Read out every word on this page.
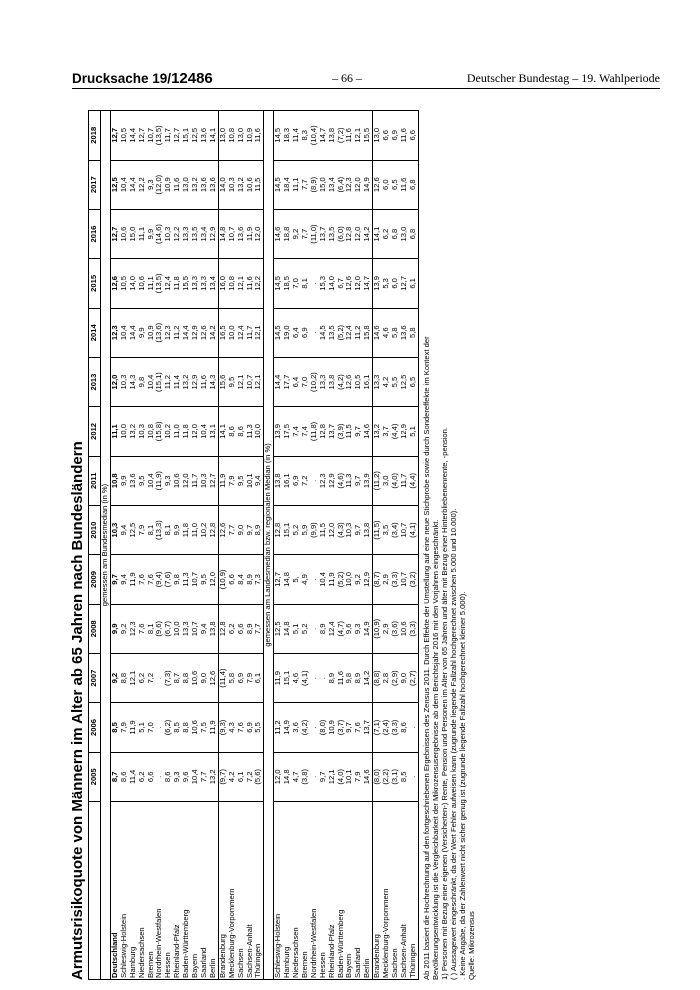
Drucksache 19/12486	– 66 –	Deutscher Bundestag – 19. Wahlperiode
Armutsrisikoquote von Männern im Alter ab 65 Jahren nach Bundesländern
	2005	2006	2007	2008	2009	2010	2011	2012	2013	2014	2015	2016	2017	2018
gemessen am Bundesmedian (in %)														
Deutschland	8,7	8,5	9,2	9,9	9,7	10,3	10,8	11,1	12,0	12,3	12,6	12,7	12,5	12,7
Schleswig-Holstein	8,6	7,9	8,8	9,2	9,4	9,4	9,9	10,0	10,3	10,4	10,5	10,6	10,4	10,5
Hamburg	11,4	11,9	12,1	12,3	11,9	12,5	13,6	13,2	14,3	14,4	14,0	15,0	14,4	14,4
Niedersachsen	6,2	5,1	6,2	7,6	7,6	7,9	9,5	10,3	9,8	9,9	10,6	11,1	12,2	12,7
Bremen	6,6	7,0	7,2	8,1	7,6	8,1	10,4	10,8	10,4	10,9	11,1	9,9	9,3	10,7
Nordrhein-Westfalen	.	.	.	(9,6)	(9,4)	(13,3)	(11,9)	(15,8)	(15,1)	(13,6)	(13,5)	(14,6)	(12,0)	(13,5)
Hessen	8,6	(6,2)	(7,3)	(6,7)	(7,6)	8,1	9,3	10,2	11,2	12,3	12,4	10,3	10,9	11,7
Rheinland-Pfalz	9,3	8,5	8,7	10,0	9,8	9,9	10,6	11,0	11,4	11,2	11,8	12,2	11,6	12,7
Baden-Württemberg	9,6	8,8	8,8	13,3	11,3	11,8	12,0	11,8	13,2	14,4	15,5	13,3	13,0	15,1
Bayern	10,4	10,6	10,6	10,7	10,7	11,0	11,7	12,0	12,9	12,9	13,3	13,5	13,2	12,5
Saarland	7,7	7,5	9,0	9,4	9,5	10,2	10,3	10,4	11,6	12,6	13,3	13,4	13,6	13,6
Berlin	13,2	11,9	12,6	13,8	12,0	12,8	12,7	13,1	14,3	14,2	13,4	12,9	13,6	14,1
Brandenburg	(9,7)	(9,3)	(11,4)	12,8	(10,9)	12,6	11,9	14,1	15,6	16,5	16,0	14,8	14,0	13,0
Mecklenburg-Vorpommern	4,2	4,3	5,8	6,2	6,6	7,7	7,9	8,6	9,5	10,0	10,8	10,7	10,3	10,8
Sachsen	6,1	7,6	6,9	6,6	8,4	9,0	9,5	8,6	12,1	12,4	12,1	13,6	13,2	13,0
Sachsen-Anhalt	7,2	6,9	7,9	8,9	8,9	9,7	10,1	11,3	10,7	11,7	11,6	11,9	10,6	10,9
Thüringen	(5,6)	5,5	6,1	7,7	7,3	8,9	9,4	10,0	12,1	12,1	12,2	12,0	11,5	11,6
gemessen am Landesmedian bzw. regionalen Median (in %)														
Schleswig-Holstein	12,0	11,2	11,9	12,5	12,7	12,8	13,8	13,9	14,4	14,5	14,5	14,6	14,5	14,5
Hamburg	14,8	14,9	15,1	14,8	14,8	15,1	16,1	17,5	17,7	19,0	18,5	18,8	18,4	18,3
Niedersachsen	4,7	3,6	4,6	5,1	5,	5,2	6,9	7,4	6,4	6,4	7,0	9,2	11,1	11,4
Bremen	(3,8)	(4,2)	(4,1)	5,2	4,9	5,9	7,2	7,4	7,0	6,9	8,1	7,7	7,7	8,3
Nordrhein-Westfalen	.	.	.	.	.	(9,9)	.	(11,8)	(10,2)	.	.	(11,0)	(8,9)	(10,4)
Hessen	9,7	(8,0)	.	8,9	10,4	11,5	12,3	12,8	13,3	14,5	15,3	13,7	15,0	14,7
Rheinland-Pfalz	12,1	10,9	8,9	12,4	11,9	12,0	12,9	13,7	13,8	13,5	14,0	13,5	13,4	13,8
Baden-Württemberg	(4,0)	(3,7)	11,6	(4,7)	(5,2)	(4,3)	(4,6)	(3,9)	(4,2)	(5,2)	6,7	(6,0)	(6,4)	(7,2)
Bayern	10,1	9,7	9,8	9,6	10,0	10,3	11,3	11,5	12,6	12,4	12,6	12,8	12,3	11,6
Saarland	7,9	7,6	8,9	9,3	9,2	9,7	9,7	9,7	10,5	11,2	12,0	12,0	12,0	12,1
Berlin	14,6	13,7	14,2	14,9	12,9	13,8	13,9	14,6	16,1	15,8	14,7	14,2	14,9	15,5
Brandenburg	(8,0)	(7,1)	(8,8)	(10,9)	(8,7)	(11,5)	(11,2)	13,2	13,3	14,6	13,9	14,1	12,6	13,0
Mecklenburg-Vorpommern	(2,2)	(2,4)	2,8	2,9	2,9	3,5	3,0	3,7	4,2	4,6	5,3	6,2	6,0	6,6
Sachsen	(3,1)	(3,3)	(2,9)	(3,6)	(3,3)	(3,4)	(4,0)	(4,4)	5,5	5,8	6,0	6,8	6,5	6,9
Sachsen-Anhalt	8,5	8,6	9,0	10,6	10,7	10,7	11,7	12,9	12,5	13,6	12,7	13,0	11,6	11,6
Thüringen	.	.	(2,7)	(3,3)	(3,2)	(4,1)	(4,4)	5,1	6,5	5,8	6,1	6,8	6,8	6,6
Ab 2011 basiert die Hochrechnung auf den fortgeschriebenen Ergebnissen des Zensus 2011. Durch Effekte der Umstellung auf eine neue Stichprobe sowie durch Sondereffekte im Kontext der Bevölkerungsentwicklung ist die Vergleichbarkeit der Mikrozensusergebnisse ab dem Berichtsjahr 2016 mit den Vorjahren eingeschränkt. 1) Personen mit Bezug einer eigenen (Versicherten-) Rente, Pension und Personen im Alter von 65 Jahren und älter mit Bezug einer Hinterbliebenenrente, -pension. ( ) Aussagewert eingeschränkt, da der Wert Fehler aufweisen kann (zugrunde liegende Fallzahl hochgerechnet zwischen 5.000 und 10.000). . Keine Angabe, da der Zahlenwert nicht sicher genug ist (zugrunde liegende Fallzahl hochgerechnet kleiner 5.000). Quelle: Mikrozensus
